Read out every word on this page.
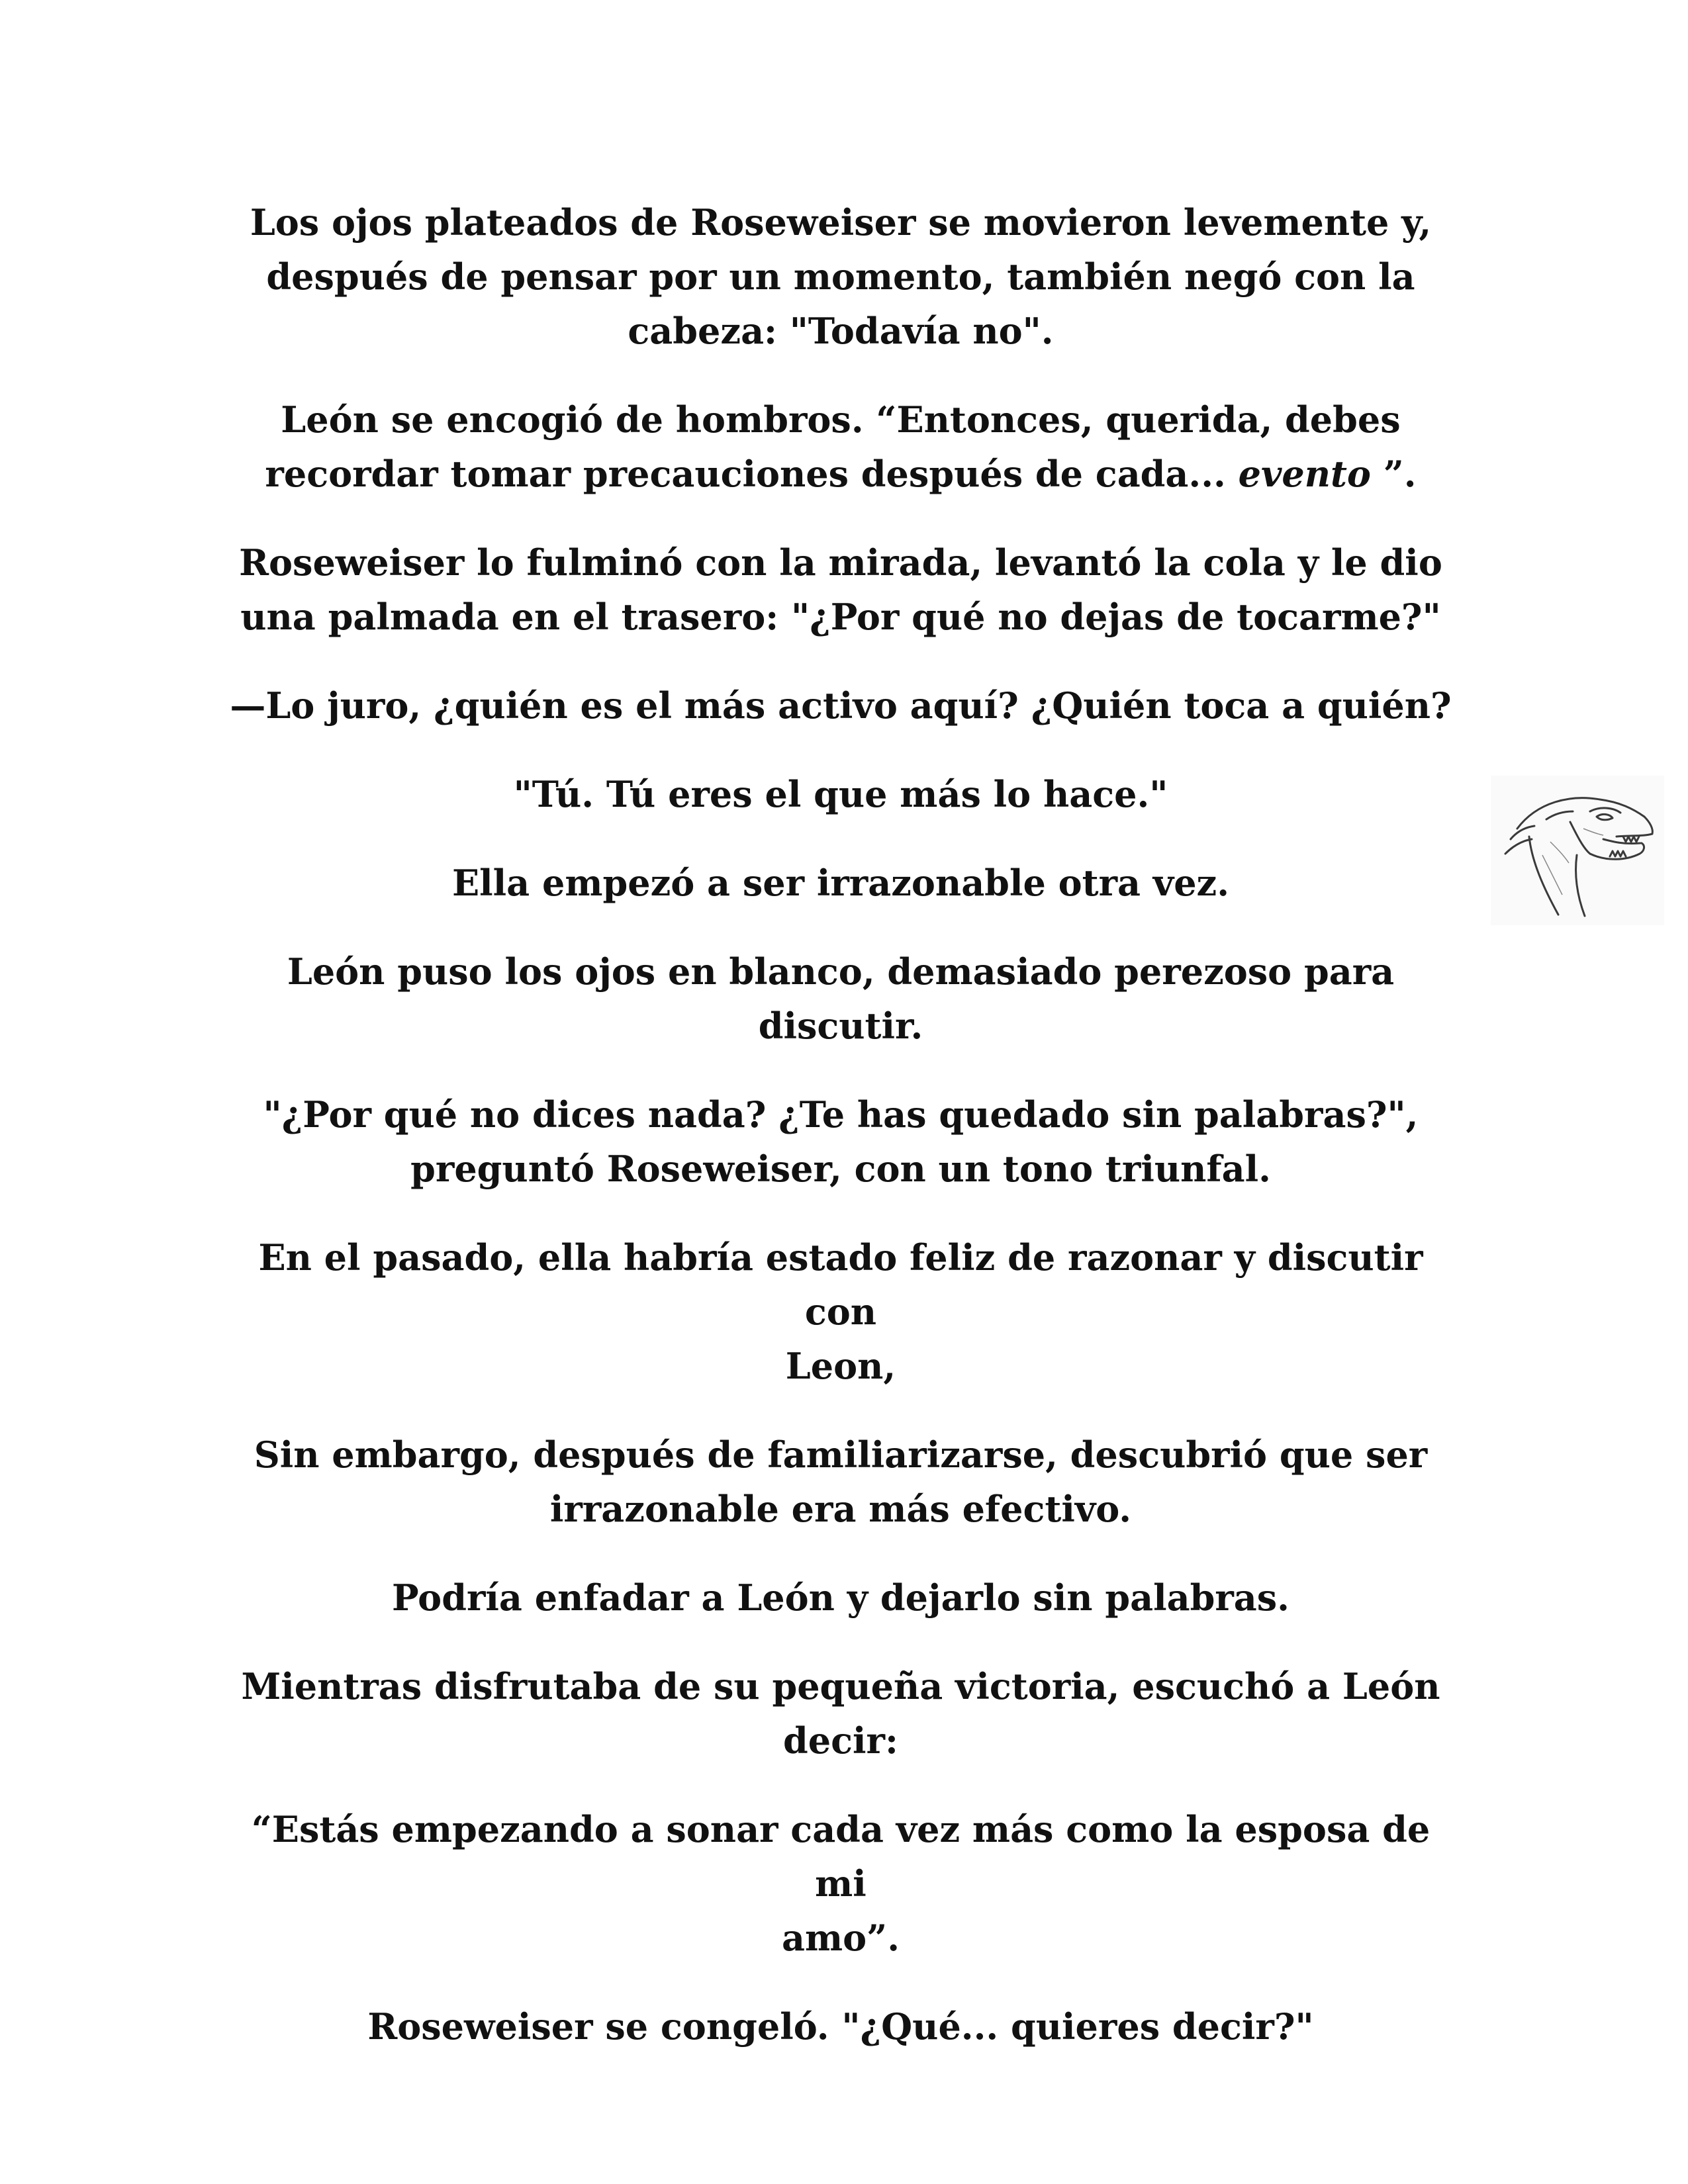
Los ojos plateados de Roseweiser se movieron levemente y,
después de pensar por un momento, también negó con la
cabeza: "Todavía no".

León se encogió de hombros. “Entonces, querida, debes
recordar tomar precauciones después de cada... evento ”.

Roseweiser lo fulminó con la mirada, levantó la cola y le dio
una palmada en el trasero: "¿Por qué no dejas de tocarme?"

—Lo juro, ¿quién es el más activo aquí? ¿Quién toca a quién?

"Tú. Tú eres el que más lo hace."

Ella empezó a ser irrazonable otra vez.

León puso los ojos en blanco, demasiado perezoso para
discutir.

"¿Por qué no dices nada? ¿Te has quedado sin palabras?",
preguntó Roseweiser, con un tono triunfal.

En el pasado, ella habría estado feliz de razonar y discutir con
Leon,

Sin embargo, después de familiarizarse, descubrió que ser
irrazonable era más efectivo.

Podría enfadar a León y dejarlo sin palabras.

Mientras disfrutaba de su pequeña victoria, escuchó a León
decir:

“Estás empezando a sonar cada vez más como la esposa de mi
amo”.

Roseweiser se congeló. "¿Qué... quieres decir?"
